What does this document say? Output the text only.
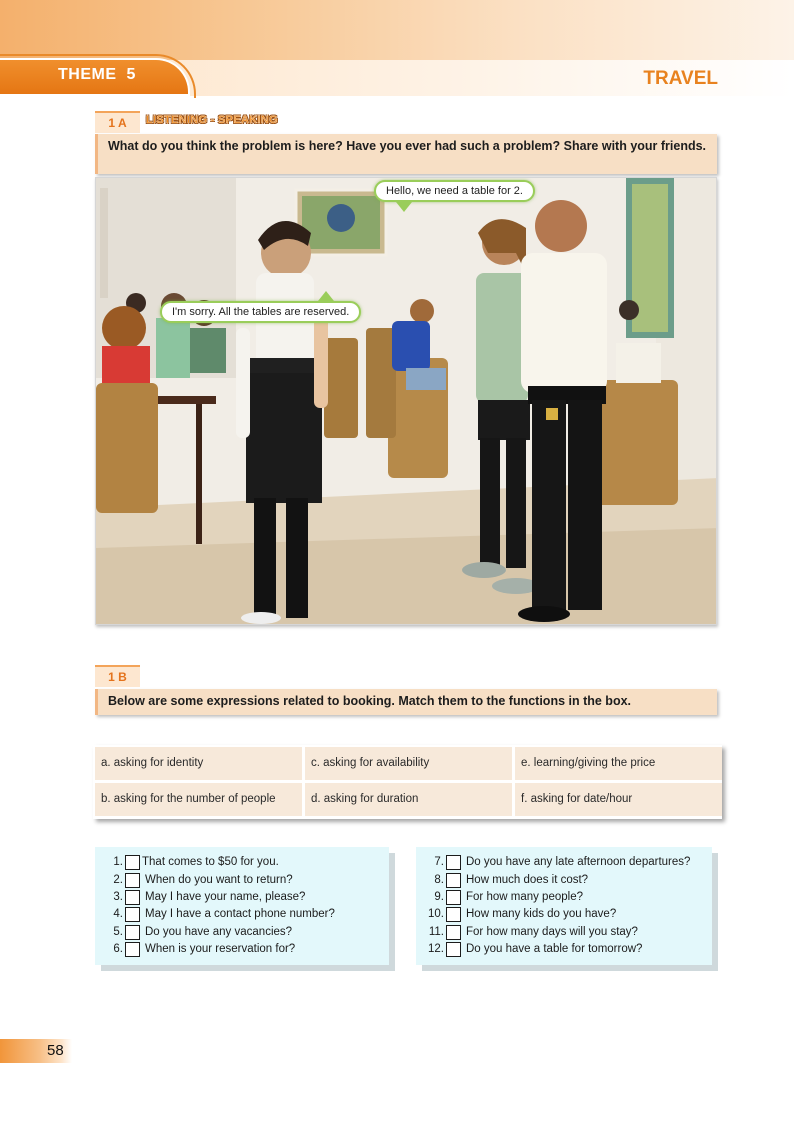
THEME 5	TRAVEL
1 A	LISTENING - SPEAKING
What do you think the problem is here? Have you ever had such a problem? Share with your friends.
Hello, we need a table for 2.
I'm sorry. All the tables are reserved.
1 B
Below are some expressions related to booking. Match them to the functions in the box.
a. asking for identity	c. asking for availability	e. learning/giving the price
b. asking for the number of people	d. asking for duration	f. asking for date/hour
1. That comes to $50 for you.
2. When do you want to return?
3. May I have your name, please?
4. May I have a contact phone number?
5. Do you have any vacancies?
6. When is your reservation for?
7. Do you have any late afternoon departures?
8. How much does it cost?
9. For how many people?
10. How many kids do you have?
11. For how many days will you stay?
12. Do you have a table for tomorrow?
58
